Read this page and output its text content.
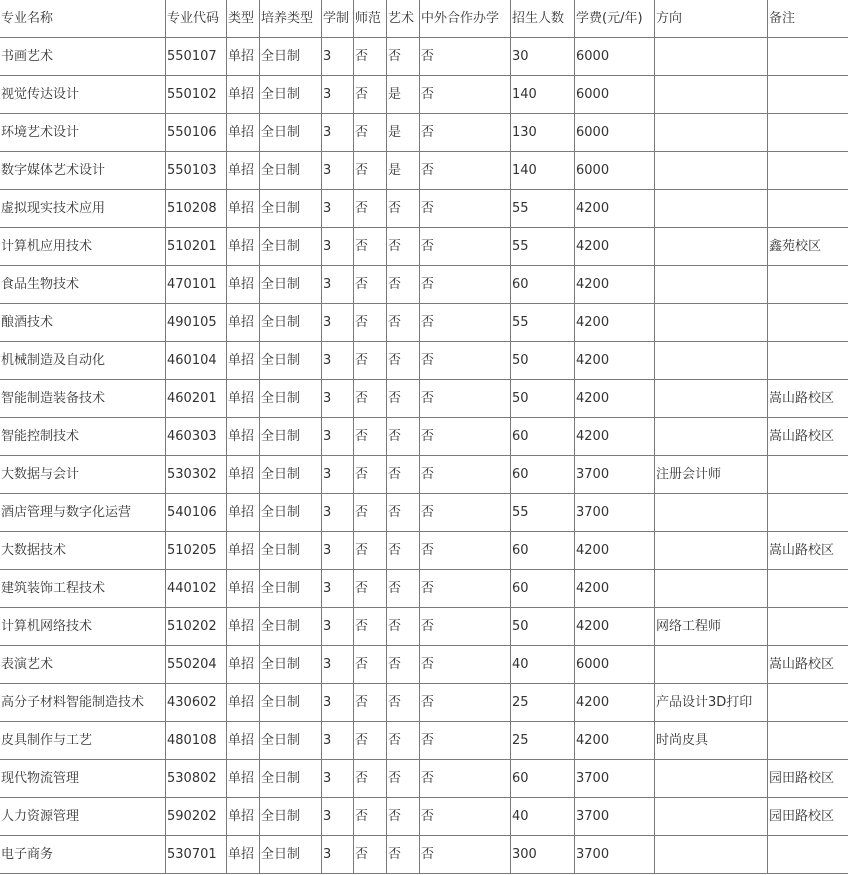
专业名称	专业代码	类型	培养类型	学制	师范	艺术	中外合作办学	招生人数	学费(元/年)	方向	备注
书画艺术	550107	单招	全日制	3	否	否	否	30	6000		
视觉传达设计	550102	单招	全日制	3	否	是	否	140	6000		
环境艺术设计	550106	单招	全日制	3	否	是	否	130	6000		
数字媒体艺术设计	550103	单招	全日制	3	否	是	否	140	6000		
虚拟现实技术应用	510208	单招	全日制	3	否	否	否	55	4200		
计算机应用技术	510201	单招	全日制	3	否	否	否	55	4200		鑫苑校区
食品生物技术	470101	单招	全日制	3	否	否	否	60	4200		
酿酒技术	490105	单招	全日制	3	否	否	否	55	4200		
机械制造及自动化	460104	单招	全日制	3	否	否	否	50	4200		
智能制造装备技术	460201	单招	全日制	3	否	否	否	50	4200		嵩山路校区
智能控制技术	460303	单招	全日制	3	否	否	否	60	4200		嵩山路校区
大数据与会计	530302	单招	全日制	3	否	否	否	60	3700	注册会计师	
酒店管理与数字化运营	540106	单招	全日制	3	否	否	否	55	3700		
大数据技术	510205	单招	全日制	3	否	否	否	60	4200		嵩山路校区
建筑装饰工程技术	440102	单招	全日制	3	否	否	否	60	4200		
计算机网络技术	510202	单招	全日制	3	否	否	否	50	4200	网络工程师	
表演艺术	550204	单招	全日制	3	否	否	否	40	6000		嵩山路校区
高分子材料智能制造技术	430602	单招	全日制	3	否	否	否	25	4200	产品设计3D打印	
皮具制作与工艺	480108	单招	全日制	3	否	否	否	25	4200	时尚皮具	
现代物流管理	530802	单招	全日制	3	否	否	否	60	3700		园田路校区
人力资源管理	590202	单招	全日制	3	否	否	否	40	3700		园田路校区
电子商务	530701	单招	全日制	3	否	否	否	300	3700		
